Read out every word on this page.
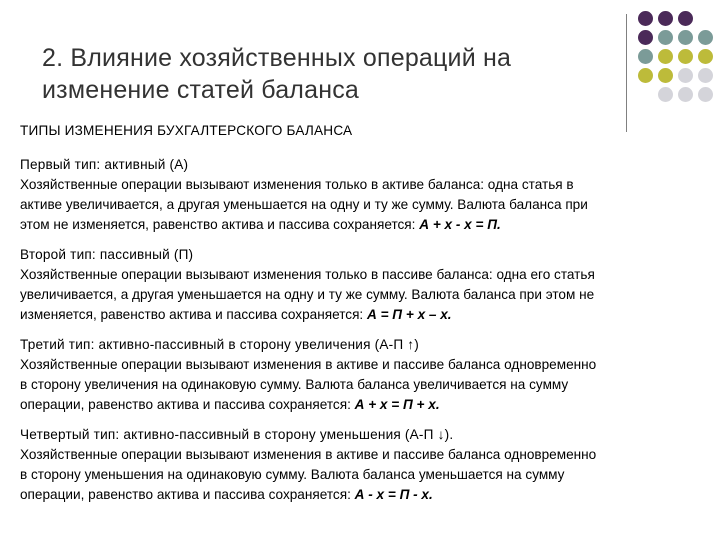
2. Влияние хозяйственных операций на
изменение статей баланса

ТИПЫ ИЗМЕНЕНИЯ БУХГАЛТЕРСКОГО БАЛАНСА

Первый тип: активный (А)

Хозяйственные операции вызывают изменения только в активе баланса: одна статья в

активе увеличивается, а другая уменьшается на одну и ту же сумму. Валюта баланса при

этом не изменяется, равенство актива и пассива сохраняется: А + х - х = П.

Второй тип: пассивный (П)

Хозяйственные операции вызывают изменения только в пассиве баланса: одна его статья

увеличивается, а другая уменьшается на одну и ту же сумму. Валюта баланса при этом не

изменяется, равенство актива и пассива сохраняется: А = П + х – х.

Третий тип: активно-пассивный в сторону увеличения (А-П ↑)

Хозяйственные операции вызывают изменения в активе и пассиве баланса одновременно

в сторону увеличения на одинаковую сумму. Валюта баланса увеличивается на сумму

операции, равенство актива и пассива сохраняется: А + х = П + х.

Четвертый тип: активно-пассивный в сторону уменьшения (А-П ↓).

Хозяйственные операции вызывают изменения в активе и пассиве баланса одновременно

в сторону уменьшения на одинаковую сумму. Валюта баланса уменьшается на сумму

операции, равенство актива и пассива сохраняется: А - х = П - х.
